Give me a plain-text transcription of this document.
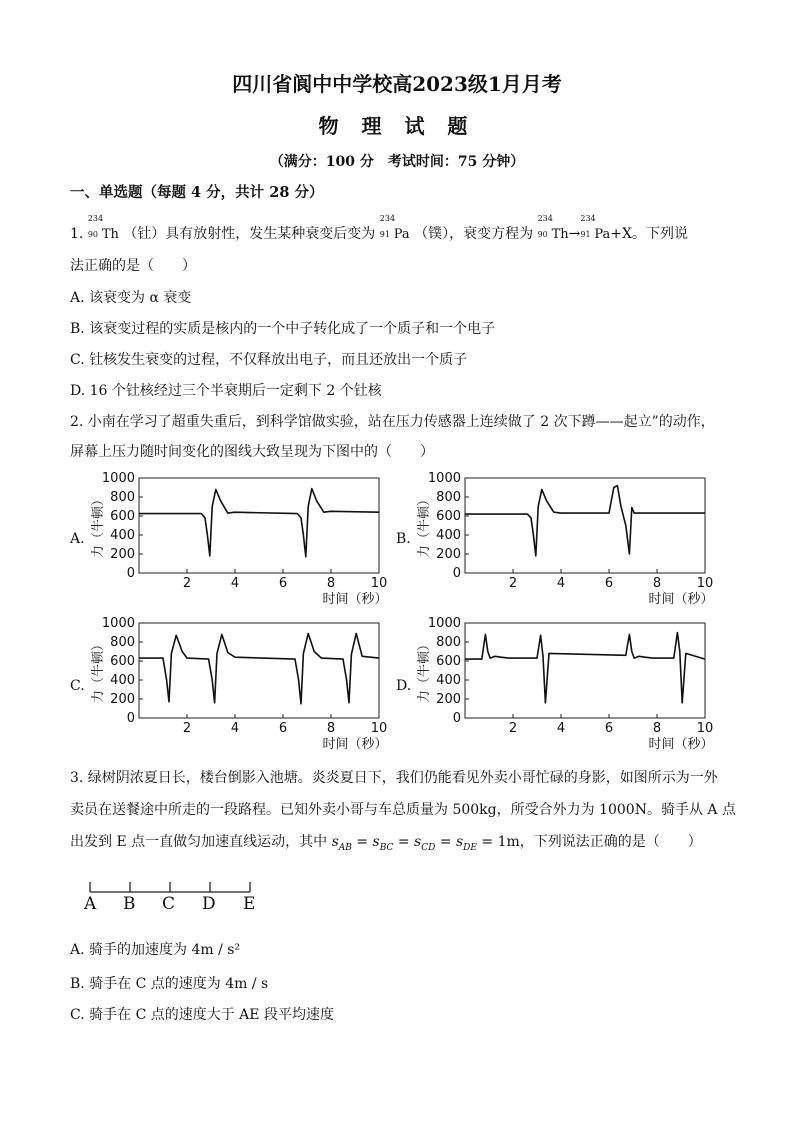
四川省阆中中学校高2023级1月月考
物 理 试 题
（满分：100 分　考试时间：75 分钟）
一、单选题（每题 4 分，共计 28 分）
1.
234
90 Th （钍）具有放射性，发生某种衰变后变为
234
91 Pa （镤），衰变方程为
234
90 Th→
234
91 Pa+X。下列说
法正确的是（　　）
A. 该衰变为 α 衰变
B. 该衰变过程的实质是核内的一个中子转化成了一个质子和一个电子
C. 钍核发生衰变的过程，不仅释放出电子，而且还放出一个质子
D. 16 个钍核经过三个半衰期后一定剩下 2 个钍核
2. 小南在学习了超重失重后，到科学馆做实验，站在压力传感器上连续做了 2 次下蹲——起立”的动作，
屏幕上压力随时间变化的图线大致呈现为下图中的（　　）
A.	B.
C.	D.
0
200
400
600
800
1000
2	4	6	8	10
时间（秒）
力（牛顿）
0
200
400
600
800
1000
2	4	6	8	10
时间（秒）
力（牛顿）
0
200
400
600
800
1000
2	4	6	8	10
时间（秒）
力（牛顿）
0
200
400
600
800
1000
2	4	6	8	10
时间（秒）
力（牛顿）
3. 绿树阴浓夏日长，楼台倒影入池塘。炎炎夏日下，我们仍能看见外卖小哥忙碌的身影，如图所示为一外
卖员在送餐途中所走的一段路程。已知外卖小哥与车总质量为 500kg，所受合外力为 1000N。骑手从 A 点
出发到 E 点一直做匀加速直线运动，其中 $s_{AB} = s_{BC} = s_{CD} = s_{DE} = 1m$，下列说法正确的是（　　）
A B C D E
A. 骑手的加速度为 4m / s²
B. 骑手在 C 点的速度为 4m / s
C. 骑手在 C 点的速度大于 AE 段平均速度
